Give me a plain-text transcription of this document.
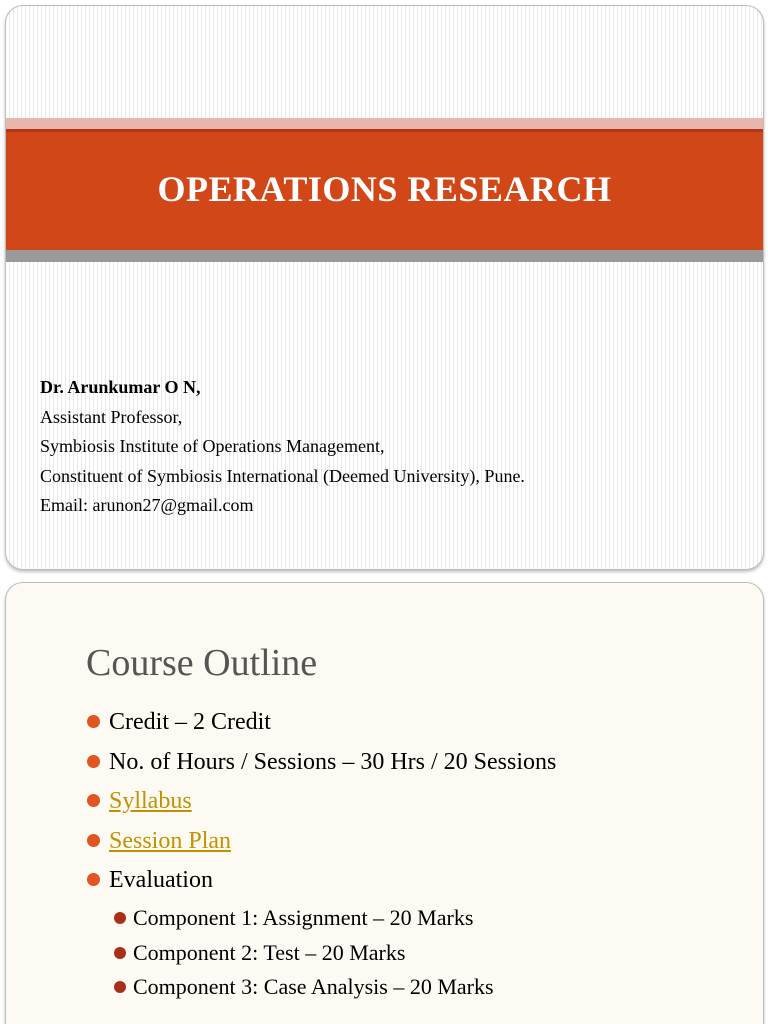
OPERATIONS RESEARCH
Dr. Arunkumar O N,
Assistant Professor,
Symbiosis Institute of Operations Management,
Constituent of Symbiosis International (Deemed University), Pune.
Email: arunon27@gmail.com
Course Outline
Credit – 2 Credit
No. of Hours / Sessions – 30 Hrs / 20 Sessions
Syllabus
Session Plan
Evaluation
Component 1: Assignment – 20 Marks
Component 2: Test – 20 Marks
Component 3: Case Analysis – 20 Marks
